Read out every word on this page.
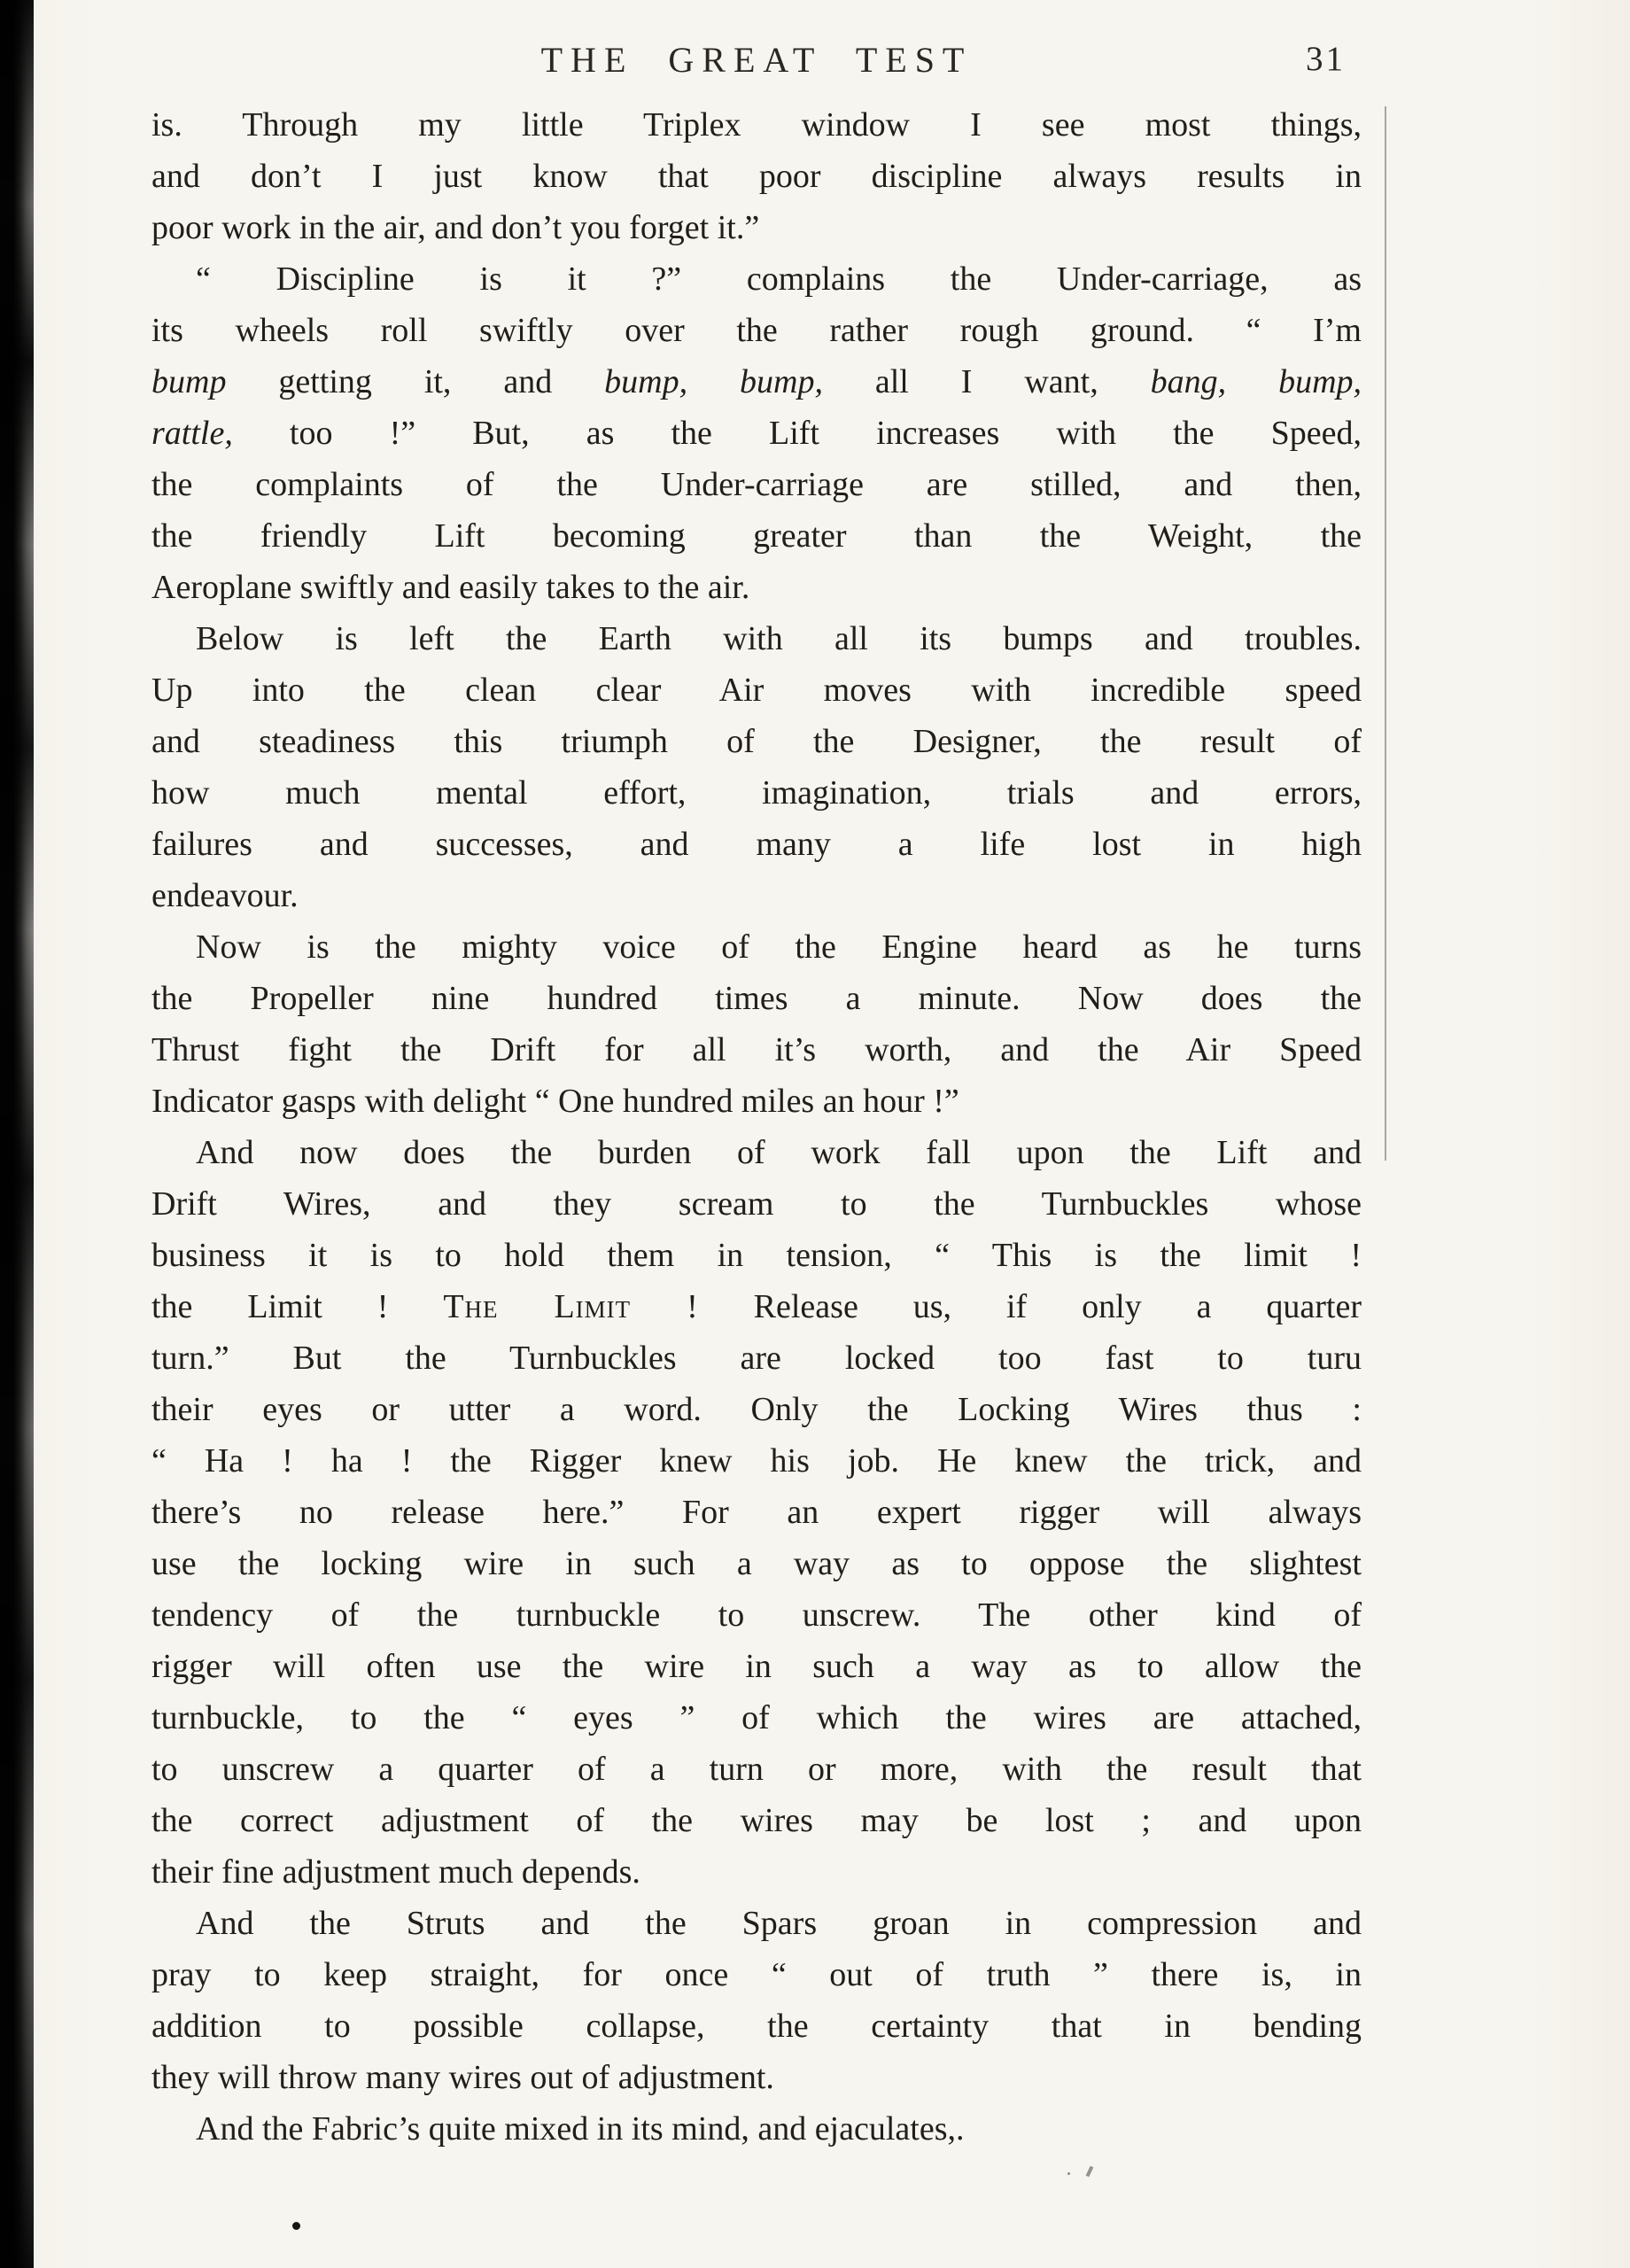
THE GREAT TEST	31
is. Through my little Triplex window I see most things,
and don’t I just know that poor discipline always results in
poor work in the air, and don’t you forget it.”
“ Discipline is it ?” complains the Under-carriage, as
its wheels roll swiftly over the rather rough ground. “ I’m
bump getting it, and bump, bump, all I want, bang, bump,
rattle, too !” But, as the Lift increases with the Speed,
the complaints of the Under-carriage are stilled, and then,
the friendly Lift becoming greater than the Weight, the
Aeroplane swiftly and easily takes to the air.
Below is left the Earth with all its bumps and troubles.
Up into the clean clear Air moves with incredible speed
and steadiness this triumph of the Designer, the result of
how much mental effort, imagination, trials and errors,
failures and successes, and many a life lost in high
endeavour.
Now is the mighty voice of the Engine heard as he turns
the Propeller nine hundred times a minute. Now does the
Thrust fight the Drift for all it’s worth, and the Air Speed
Indicator gasps with delight “ One hundred miles an hour !”
And now does the burden of work fall upon the Lift and
Drift Wires, and they scream to the Turnbuckles whose
business it is to hold them in tension, “ This is the limit !
the Limit ! The Limit ! Release us, if only a quarter
turn.” But the Turnbuckles are locked too fast to turu
their eyes or utter a word. Only the Locking Wires thus :
“ Ha ! ha ! the Rigger knew his job. He knew the trick, and
there’s no release here.” For an expert rigger will always
use the locking wire in such a way as to oppose the slightest
tendency of the turnbuckle to unscrew. The other kind of
rigger will often use the wire in such a way as to allow the
turnbuckle, to the “ eyes ” of which the wires are attached,
to unscrew a quarter of a turn or more, with the result that
the correct adjustment of the wires may be lost ; and upon
their fine adjustment much depends.
And the Struts and the Spars groan in compression and
pray to keep straight, for once “ out of truth ” there is, in
addition to possible collapse, the certainty that in bending
they will throw many wires out of adjustment.
And the Fabric’s quite mixed in its mind, and ejaculates,.
